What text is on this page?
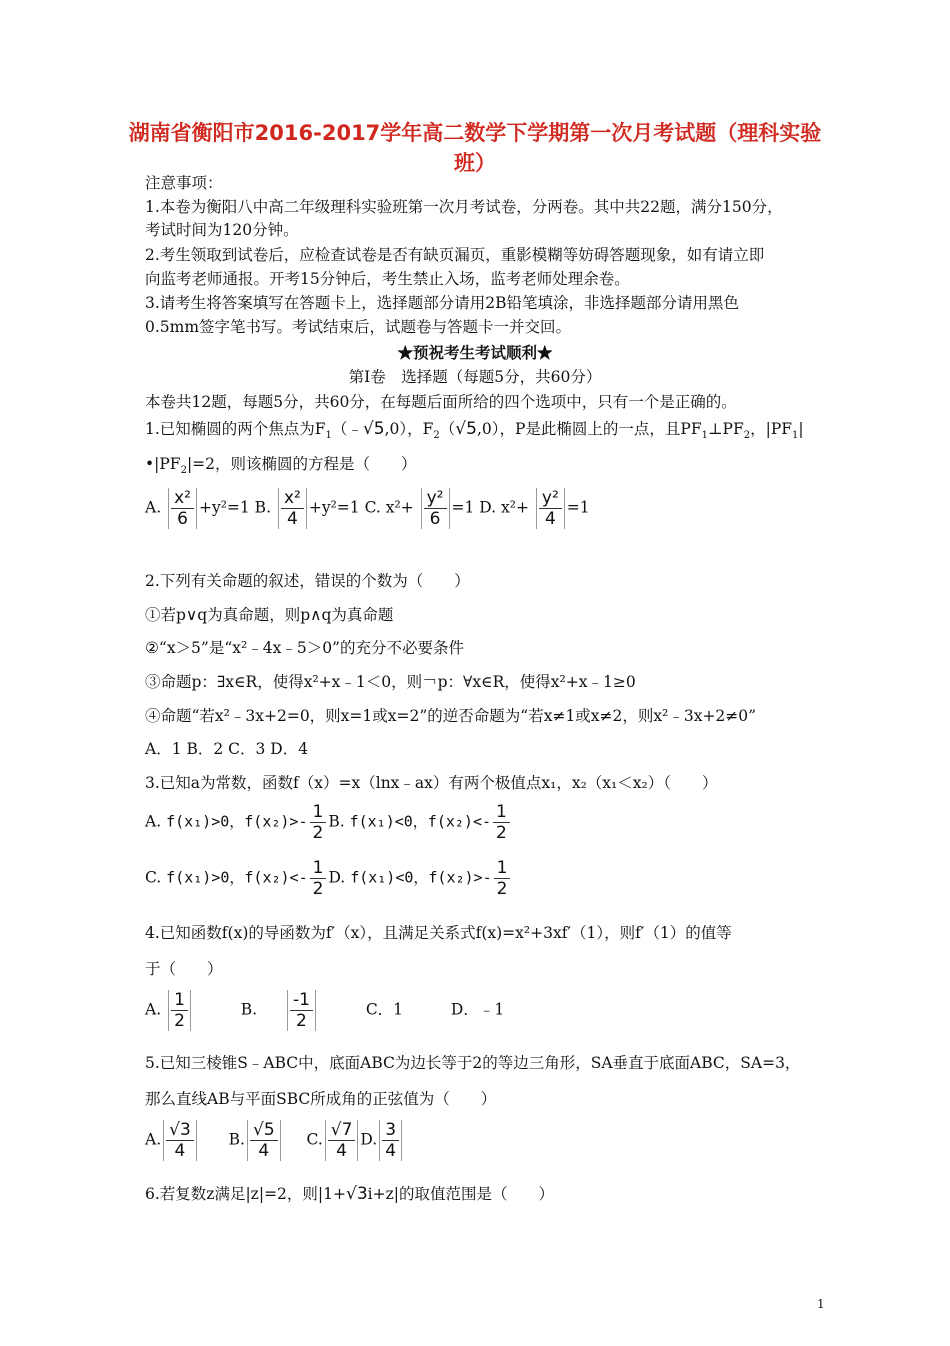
湖南省衡阳市2016-2017学年高二数学下学期第一次月考试题（理科实验班）
注意事项：
1.本卷为衡阳八中高二年级理科实验班第一次月考试卷，分两卷。其中共22题，满分150分，
考试时间为120分钟。
2.考生领取到试卷后，应检查试卷是否有缺页漏页，重影模糊等妨碍答题现象，如有请立即
向监考老师通报。开考15分钟后，考生禁止入场，监考老师处理余卷。
3.请考生将答案填写在答题卡上，选择题部分请用2B铅笔填涂，非选择题部分请用黑色
0.5mm签字笔书写。考试结束后，试题卷与答题卡一并交回。
★预祝考生考试顺利★
第Ⅰ卷　选择题（每题5分，共60分）
本卷共12题，每题5分，共60分，在每题后面所给的四个选项中，只有一个是正确的。
1.已知椭圆的两个焦点为$F_1(﹣√5,0)$，$F_2(√5,0)$，P是此椭圆上的一点，且$PF_1\perp PF_2$，$|PF_1|$
$•|PF_2|=2$，则该椭圆的方程是（　　）
A. $\frac{\text{x²}}{6} +y^2=1$ B. $\frac{\text{x²}}{4} +y^2=1$ C. $x^2+ \frac{\text{y²}}{6} =1$ D. $x^2+ \frac{\text{y²}}{4} =1$
2.下列有关命题的叙述，错误的个数为（　　）
①若p∨q为真命题，则p∧q为真命题
②“x＞5”是“x²﹣4x﹣5＞0”的充分不必要条件
③命题p：∃x∈R，使得x²+x﹣1＜0，则￢p：∀x∈R，使得x²+x﹣1≥0
④命题“若x²﹣3x+2=0，则x=1或x=2”的逆否命题为“若x≠1或x≠2，则x²﹣3x+2≠0”
A．1 B．2 C．3 D．4
3.已知a为常数，函数f（x）=x（lnx﹣ax）有两个极值点x₁，x₂（x₁＜x₂）（　　）
A. f(x₁)>0，$f(x_2)>- \frac{1}{2} B$. f(x₁)<0，$f(x_2)<- \frac{1}{2}$
C. f(x₁)>0，$f(x_2)<- \frac{1}{2} D$. f(x₁)<0，$f(x_2)>- \frac{1}{2}$
4.已知函数f(x)的导函数为f′（x），且满足关系式f(x)=x²+3xf′（1），则f′（1）的值等
于（　　）
A. $\frac{1}{2}$	B. $\frac{-1}{2}$	C．1	D．﹣1
5.已知三棱锥S﹣ABC中，底面ABC为边长等于2的等边三角形，SA垂直于底面ABC，SA=3，
那么直线AB与平面SBC所成角的正弦值为（　　）
A. $\frac{√3}{4} B$. $\frac{√5}{4} C$. $\frac{√7}{4} D$. $\frac{3}{4}$
6.若复数z满足|z|=2，则|1+√3i+z|的取值范围是（　　）
1
